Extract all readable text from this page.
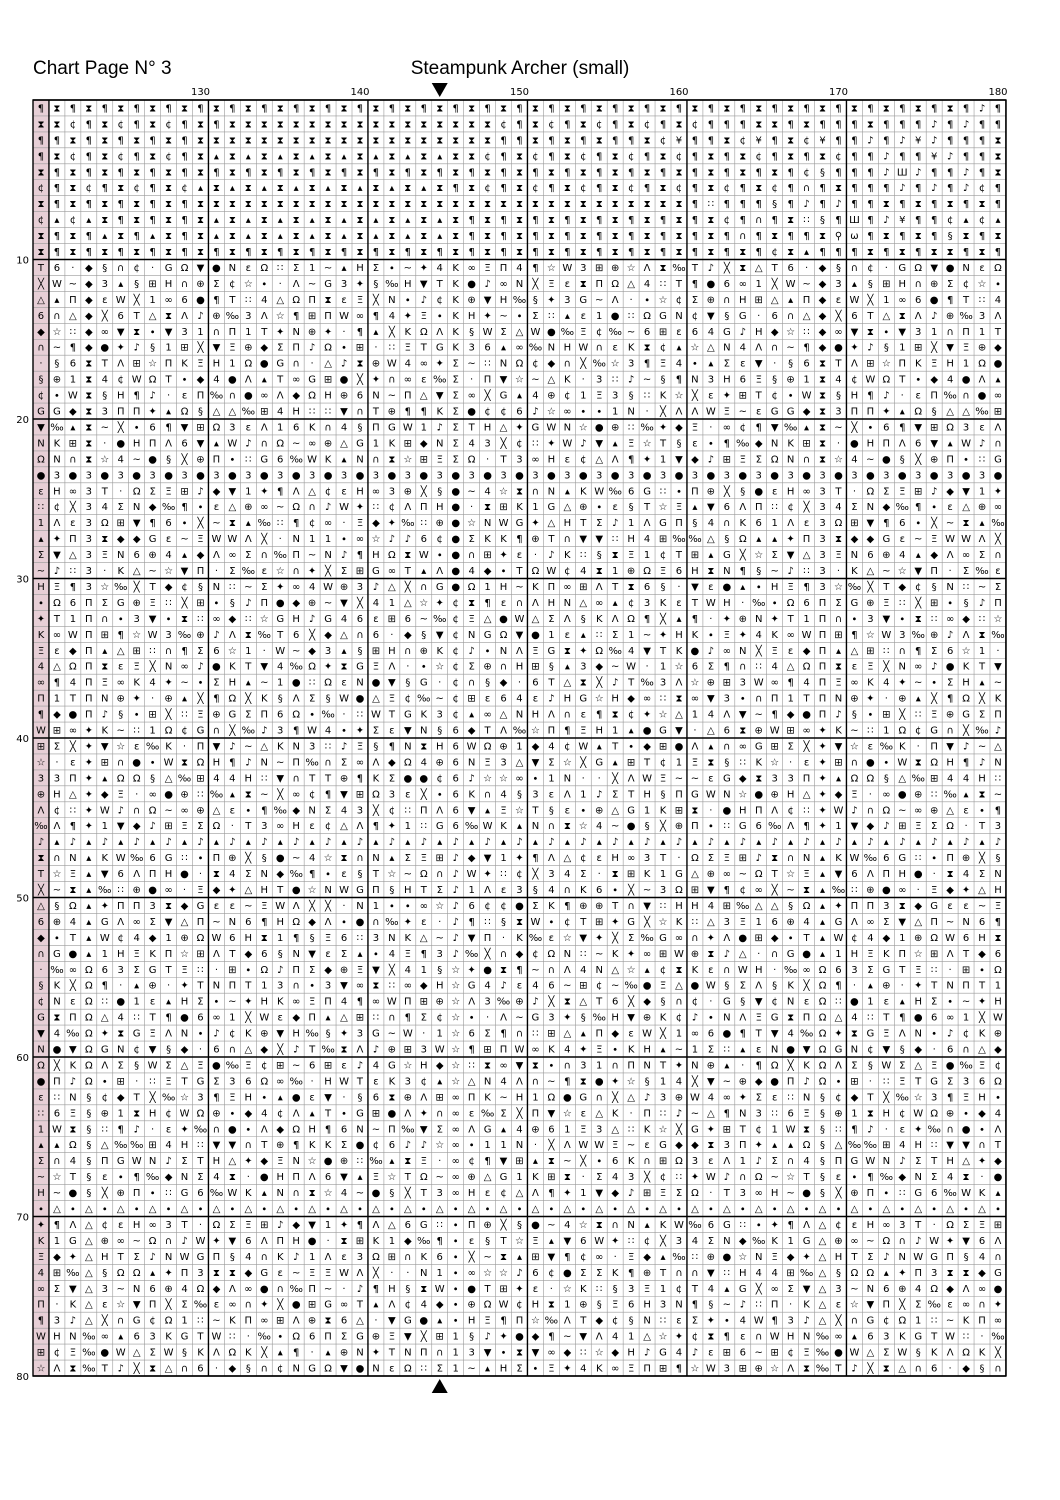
Chart Page N° 3	Steampunk Archer (small)
130	140	150	160	170	180
10
20
30
40
50
60
70
80
¶ ⧗ ¶ ⧗ ¶ ⧗ ¶ ⧗ ¶ ⧗ ¶ ⧗ ¶ ⧗ ¶ ⧗ ¶ ⧗ ¶ ⧗ ¶ ⧗ ¶ ⧗ ¶ ⧗ ¶ ⧗ ¶ ⧗ ¶ ⧗ ¶ ⧗ ¶ ⧗ ¶ ⧗ ¶ ⧗ ¶ ⧗ ¶ ⧗ ¶ ⧗ ¶ ⧗ ¶ ⧗ ¶ ⧗ ¶ ⧗ ¶ ⧗ ¶ ⧗ ¶ ♪ ¶
⧗ ⧗ ¢ ¶ ⧗ ¢ ¶ ⧗ ¢ ¶ ⧗ ¶ ⧗ ⧗ ⧗ ⧗ ⧗ ⧗ ⧗ ⧗ ⧗ ⧗ ⧗ ⧗ ⧗ ⧗ ⧗ ⧗ ⧗ ¢ ¶ ⧗ ¢ ¶ ⧗ ¢ ¶ ⧗ ¢ ¶ ⧗ ¢ ¶ ¶ ¶ ⧗ ⧗ ¶ ⧗ ¶ ¶ ¶ ⧗ ¶ ¶ ¶ ♪ ¶ ♪ ¶ ¶
¶ ¶ ⧗ ¶ ⧗ ¶ ⧗ ¶ ⧗ ¶ ⧗ ⧗ ⧗ ⧗ ⧗ ⧗ ⧗ ⧗ ⧗ ⧗ ⧗ ⧗ ⧗ ⧗ ⧗ ⧗ ⧗ ⧗ ⧗ ¶ ¶ ⧗ ¶ ⧗ ¶ ⧗ ¶ ¶ ⧗ ¢ ¥ ¶ ¶ ⧗ ¢ ¥ ¶ ⧗ ¢ ¥ ¶ ¶ ♪ ¶ ♪ ¥ ♪ ¶ ¶ ¶ ⧗
¶ ⧗ ¢ ¶ ⧗ ¢ ¶ ⧗ ¢ ¶ ⧗ ▴ ⧗ ▴ ⧗ ▴ ⧗ ▴ ⧗ ▴ ⧗ ▴ ⧗ ▴ ⧗ ▴ ⧗ ⧗ ¢ ¶ ⧗ ¢ ¶ ⧗ ¢ ¶ ⧗ ¢ ¶ ⧗ ¢ ¶ ⧗ ¶ ⧗ ¢ ¶ ⧗ ¶ ⧗ ¢ ¶ ¶ ♪ ¶ ¶ ¥ ♪ ¶ ¶ ⧗
⧗ ¶ ⧗ ¶ ⧗ ¶ ⧗ ¶ ⧗ ¶ ⧗ ¶ ⧗ ¶ ⧗ ¶ ⧗ ¶ ⧗ ¶ ⧗ ¶ ⧗ ¶ ⧗ ¶ ⧗ ¶ ⧗ ¶ ⧗ ¶ ⧗ ¶ ⧗ ¶ ⧗ ¶ ⧗ ¶ ⧗ ¶ ⧗ ¶ ⧗ ¶ ⧗ ¶ ¢ § ¶ ¶ ¶ ♪ Ш ♪ ¶ ¶ ♪ ¶ ⧗
¢ ¶ ⧗ ¢ ¶ ⧗ ¢ ¶ ⧗ ¢ ▴ ⧗ ▴ ⧗ ▴ ⧗ ▴ ⧗ ▴ ⧗ ▴ ⧗ ▴ ⧗ ▴ ⧗ ¶ ⧗ ¢ ¶ ⧗ ¢ ¶ ⧗ ¢ ¶ ⧗ ¢ ¶ ⧗ ¢ ¶ ⧗ ¢ ¶ ⧗ ¢ ¶ ∩ ¶ ⧗ ¶ ¶ ¶ ♪ ¶ ♪ ¶ ♪ ¢ ¶
⧗ ¶ ⧗ ¶ ⧗ ¶ ⧗ ¶ ⧗ ¶ ⧗ ⧗ ⧗ ⧗ ⧗ ⧗ ⧗ ⧗ ⧗ ⧗ ⧗ ⧗ ⧗ ⧗ ⧗ ⧗ ⧗ ⧗ ⧗ ⧗ ⧗ ⧗ ⧗ ⧗ ⧗ ⧗ ⧗ ⧗ ⧗ ⧗ ⧗ ¶ ∷ ¶ ¶ ¶ § ¶ ♪ ¶ ♪ ¶ ¶ ⧗ ¶ ⧗ ¶ ⧗ ¶ ⧗ ¶
¢ ▴ ¢ ▴ ⧗ ¶ ⧗ ¶ ⧗ ¶ ⧗ ▴ ⧗ ▴ ⧗ ▴ ⧗ ▴ ⧗ ▴ ⧗ ▴ ⧗ ▴ ⧗ ▴ ⧗ ¶ ⧗ ¶ ⧗ ¶ ⧗ ¶ ⧗ ¶ ⧗ ¶ ⧗ ¶ ⧗ ¶ ⧗ ¢ ¶ ∩ ¶ ⧗ ∷ § ¶ Ш ¶ ♪ ¥ ¶ ¶ ¢ ▴ ¢ ▴
⧗ ¶ ⧗ ¶ ▴ ⧗ ¶ ▴ ⧗ ¶ ⧗ ▴ ⧗ ▴ ⧗ ▴ ⧗ ▴ ⧗ ▴ ⧗ ▴ ⧗ ▴ ⧗ ▴ ⧗ ¶ ⧗ ¶ ⧗ ¶ ⧗ ¶ ⧗ ¶ ⧗ ¶ ⧗ ¶ ⧗ ¶ ⧗ ¶ ∩ ¶ ⧗ ¶ ¶ ⧗ ⚲ ω ¶ ⧗ ¶ ⧗ ¶ § ⧗ ¶ ⧗
⧗ ¶ ⧗ ¶ ⧗ ¶ ⧗ ¶ ⧗ ¶ ⧗ ¶ ⧗ ¶ ⧗ ¶ ⧗ ¶ ⧗ ¶ ⧗ ¶ ⧗ ¶ ⧗ ¶ ⧗ ¶ ⧗ ¶ ⧗ ¶ ⧗ ¶ ⧗ ¶ ⧗ ¶ ⧗ ¶ ⧗ ¶ ⧗ ¶ ⧗ ¶ ¢ ⧗ ▴ ¶ ¶ ¶ ⧗ ¶ ⧗ ¶ ⧗ ⧗ ¶ ⧗ ¶
T 6 · ◆ § ∩ ¢ · G Ω ▼ ● N ε Ω ∷ Σ 1 ~ ▴ H Σ ∙ ~ ✦ 4 K ∞ Ξ Π 4 ¶ ☆ W 3 ⊞ ⊕ ☆ Λ ⧗ ‰ T ♪ ╳ ⧗ △ T 6 · ◆ § ∩ ¢ · G Ω ▼ ● N ε Ω
╳ W ~ ◆ 3 ▴ § ⊞ H ∩ ⊕ Σ ¢ ☆ ∙ · Λ ~ G 3 ✦ § ‰ H ▼ T K ● ♪ ∞ N ╳ Ξ ε ⧗ Π Ω △ 4 ∷ T ¶ ● 6 ∞ 1 ╳ W ~ ◆ 3 ▴ § ⊞ H ∩ ⊕ Σ ¢ ☆ ∙
△ ▴ Π ◆ ε W ╳ 1 ∞ 6 ● ¶ T ∷ 4 △ Ω Π ⧗ ε Ξ ╳ N ∙ ♪ ¢ K ⊕ ▼ H ‰ § ✦ 3 G ~ Λ · ∙ ☆ ¢ Σ ⊕ ∩ H ⊞ △ ▴ Π ◆ ε W ╳ 1 ∞ 6 ● ¶ T ∷ 4
6 ∩ △ ◆ ╳ 6 T △ ⧗ Λ ♪ ⊕ ‰ 3 Λ ☆ ¶ ⊞ Π W ∞ ¶ 4 ✦ Ξ ∙ K H ✦ ~ ∙ Σ ∷ ▴ ε 1 ● ∷ Ω G N ¢ ▼ § G · 6 ∩ △ ◆ ╳ 6 T △ ⧗ Λ ♪ ⊕ ‰ 3 Λ
◆ ☆ ∷ ◆ ∞ ▼ ⧗ ∙ ▼ 3 1 ∩ Π 1 T ✦ N ⊕ ✦ · ¶ ▴ ╳ K Ω Λ K § W Σ △ W ● ‰ Ξ ¢ ‰ ~ 6 ⊞ ε 6 4 G ♪ H ◆ ☆ ∷ ◆ ∞ ▼ ⧗ ∙ ▼ 3 1 ∩ Π 1 T
∩ ~ ¶ ◆ ● ✦ ♪ § 1 ⊞ ╳ ▼ Ξ ⊕ ◆ Σ Π ♪ Ω ∙ ⊞ · ∷ Ξ T G K 3 6 ▴ ∞ ‰ N H W ∩ ε K ⧗ ¢ ▴ ☆ △ N 4 Λ ∩ ~ ¶ ◆ ● ✦ ♪ § 1 ⊞ ╳ ▼ Ξ ⊕ ◆
· § 6 ⧗ T Λ ⊞ ☆ Π K Ξ H 1 Ω ● G ∩ · △ ♪ ⧗ ⊕ W 4 ∞ ✦ Σ ~ ∷ N Ω ¢ ◆ ∩ ╳ ‰ ☆ 3 ¶ Ξ 4 ∙ ▴ Σ ε ▼ · § 6 ⧗ T Λ ⊞ ☆ Π K Ξ H 1 Ω ●
§ ⊕ 1 ⧗ 4 ¢ W Ω T ∙ ◆ 4 ● Λ ▴ T ∞ G ⊞ ● ╳ ✦ ∩ ∞ ε ‰ Σ · Π ▼ ☆ ~ △ K · 3 ∷ ♪ ~ § ¶ N 3 H 6 Ξ § ⊕ 1 ⧗ 4 ¢ W Ω T ∙ ◆ 4 ● Λ ▴
¢ ∙ W ⧗ § H ¶ ♪ · ε Π ‰ ∩ ● ∞ Λ ◆ Ω H ⊕ 6 N ~ Π △ ▼ Σ ∞ ╳ G ▴ 4 ⊕ ¢ 1 Ξ 3 § ∷ K ☆ ╳ ε ✦ ⊞ T ¢ ∙ W ⧗ § H ¶ ♪ · ε Π ‰ ∩ ● ∞
G G ◆ ⧗ 3 Π Π ✦ ▴ Ω § △ △ ‰ ⊞ 4 H ∷ ∷ ▼ ∩ T ⊕ ¶ ¶ K Σ ● ¢ ¢ 6 ♪ ☆ ∞ ∙ ∙ 1 N · ╳ Λ Λ W Ξ ~ ε G G ◆ ⧗ 3 Π Π ✦ ▴ Ω § △ △ ‰ ⊞
▼ ‰ ▴ ⧗ ~ ╳ ∙ 6 ¶ ▼ ⊞ Ω 3 ε Λ 1 6 K ∩ 4 § Π G W 1 ♪ Σ T H △ ✦ G W N ☆ ● ⊕ ∷ ‰ ✦ ◆ Ξ · ∞ ¢ ¶ ▼ ‰ ▴ ⧗ ~ ╳ ∙ 6 ¶ ▼ ⊞ Ω 3 ε Λ
N K ⊞ ⧗ · ● H Π Λ 6 ▼ ▴ W ♪ ∩ Ω ~ ∞ ⊕ △ G 1 K ⊞ ◆ N Σ 4 3 ╳ ¢ ∷ ✦ W ♪ ▼ ▴ Ξ ☆ T § ε ∙ ¶ ‰ ◆ N K ⊞ ⧗ · ● H Π Λ 6 ▼ ▴ W ♪ ∩
Ω N ∩ ⧗ ☆ 4 ~ ● § ╳ ⊕ Π ∙ ∷ G 6 ‰ W K ▴ N ∩ ⧗ ☆ ⊞ Ξ Σ Ω · T 3 ∞ H ε ¢ △ Λ ¶ ✦ 1 ▼ ◆ ♪ ⊞ Ξ Σ Ω N ∩ ⧗ ☆ 4 ~ ● § ╳ ⊕ Π ∙ ∷ G
● 3 ● 3 ● 3 ● 3 ● 3 ● 3 ● 3 ● 3 ● 3 ● 3 ● 3 ● 3 ● 3 ● 3 ● 3 ● 3 ● 3 ● 3 ● 3 ● 3 ● 3 ● 3 ● 3 ● 3 ● 3 ● 3 ● 3 ● 3 ● 3 ● 3 ●
ε H ∞ 3 T · Ω Σ Ξ ⊞ ♪ ◆ ▼ 1 ✦ ¶ Λ △ ¢ ε H ∞ 3 ⊕ ╳ § ● ~ 4 ☆ ⧗ ∩ N ▴ K W ‰ 6 G ∷ ∙ Π ⊕ ╳ § ● ε H ∞ 3 T · Ω Σ Ξ ⊞ ♪ ◆ ▼ 1 ✦
∷ ¢ ╳ 3 4 Σ N ◆ ‰ ¶ ∙ ε △ ⊕ ∞ ~ Ω ∩ ♪ W ✦ ∷ ¢ Λ Π H ● · ⧗ ⊞ K 1 G △ ⊕ ∙ ε § T ☆ Ξ ▴ ▼ 6 Λ Π ∷ ¢ ╳ 3 4 Σ N ◆ ‰ ¶ ∙ ε △ ⊕ ∞
1 Λ ε 3 Ω ⊞ ▼ ¶ 6 ∙ ╳ ~ ⧗ ▴ ‰ ∷ ¶ ¢ ∞ · Ξ ◆ ✦ ‰ ∷ ⊕ ● ☆ N W G ✦ △ H T Σ ♪ 1 Λ G Π § 4 ∩ K 6 1 Λ ε 3 Ω ⊞ ▼ ¶ 6 ∙ ╳ ~ ⧗ ▴ ‰
▴ ✦ Π 3 ⧗ ◆ ◆ G ε ~ Ξ W W Λ ╳ · N 1 1 ∙ ∞ ☆ ♪ ♪ 6 ¢ ● Σ K K ¶ ⊕ T ∩ ▼ ▼ ∷ H 4 ⊞ ‰ ‰ △ § Ω ▴ ▴ ✦ Π 3 ⧗ ◆ ◆ G ε ~ Ξ W W Λ ╳
Σ ▼ △ 3 Ξ N 6 ⊕ 4 ▴ ◆ Λ ∞ Σ ∩ ‰ Π ~ N ♪ ¶ H Ω ⧗ W ∙ ● ∩ ⊞ ✦ ε · ♪ K ∷ § ⧗ Ξ 1 ¢ T ⊞ ▴ G ╳ ☆ Σ ▼ △ 3 Ξ N 6 ⊕ 4 ▴ ◆ Λ ∞ Σ ∩
~ ♪ ∷ 3 · K △ ~ ☆ ▼ Π · Σ ‰ ε ☆ ∩ ✦ ╳ Σ ⊞ G ∞ T ▴ Λ ● 4 ◆ ∙ T Ω W ¢ 4 ⧗ 1 ⊕ Ω Ξ 6 H ⧗ N ¶ § ~ ♪ ∷ 3 · K △ ~ ☆ ▼ Π · Σ ‰ ε
H Ξ ¶ 3 ☆ ‰ ╳ T ◆ ¢ § N ∷ ~ Σ ✦ ∞ 4 W ⊕ 3 ♪ △ ╳ ∩ G ● Ω 1 H ~ K Π ∞ ⊞ Λ T ⧗ 6 § · ▼ ε ● ▴ ∙ H Ξ ¶ 3 ☆ ‰ ╳ T ◆ ¢ § N ∷ ~ Σ
∙ Ω 6 Π Σ G ⊕ Ξ ∷ ╳ ⊞ ∙ § ♪ Π ● ◆ ⊕ ~ ▼ ╳ 4 1 △ ☆ ✦ ¢ ⧗ ¶ ε ∩ Λ H N △ ∞ ▴ ¢ 3 K ε T W H · ‰ ∙ Ω 6 Π Σ G ⊕ Ξ ∷ ╳ ⊞ ∙ § ♪ Π
✦ T 1 Π ∩ ∙ 3 ▼ ∙ ⧗ ∷ ∞ ◆ ∷ ☆ G H ♪ G 4 6 ε ⊞ 6 ~ ‰ ¢ Ξ △ ● W △ Σ Λ § K Λ Ω ¶ ╳ ▴ ¶ · ✦ ⊕ N ✦ T 1 Π ∩ ∙ 3 ▼ ∙ ⧗ ∷ ∞ ◆ ∷ ☆
K ∞ W Π ⊞ ¶ ☆ W 3 ‰ ⊕ ♪ Λ ⧗ ‰ T 6 ╳ ◆ △ ∩ 6 · ◆ § ▼ ¢ N G Ω ▼ ● 1 ε ▴ ∷ Σ 1 ~ ✦ H K ∙ Ξ ✦ 4 K ∞ W Π ⊞ ¶ ☆ W 3 ‰ ⊕ ♪ Λ ⧗ ‰
Ξ ε ◆ Π ▴ △ ⊞ ∷ ∩ ¶ Σ 6 ☆ 1 · W ~ ◆ 3 ▴ § ⊞ H ∩ ⊕ K ¢ ♪ ∙ N Λ Ξ G ⧗ ✦ Ω ‰ 4 ▼ T K ● ♪ ∞ N ╳ Ξ ε ◆ Π ▴ △ ⊞ ∷ ∩ ¶ Σ 6 ☆ 1 ·
4 △ Ω Π ⧗ ε Ξ ╳ N ∞ ♪ ● K T ▼ 4 ‰ Ω ✦ ⧗ G Ξ Λ · ∙ ☆ ¢ Σ ⊕ ∩ H ⊞ § ▴ 3 ◆ ~ W · 1 ☆ 6 Σ ¶ ∩ ∷ 4 △ Ω Π ⧗ ε Ξ ╳ N ∞ ♪ ● K T ▼
∞ ¶ 4 Π Ξ ∞ K 4 ✦ ~ ∙ Σ H ▴ ~ 1 ● ∷ Ω ε N ● ▼ § G · ¢ ∩ § ◆ · 6 T △ ⧗ ╳ ♪ T ‰ 3 Λ ☆ ⊕ ⊞ 3 W ∞ ¶ 4 Π Ξ ∞ K 4 ✦ ~ ∙ Σ H ▴ ~
Π 1 T Π N ⊕ ✦ · ⊕ ▴ ╳ ¶ Ω ╳ K § Λ Σ § W ● △ Ξ ¢ ‰ ~ ¢ ⊞ ε 6 4 ε ♪ H G ☆ H ◆ ∞ ∷ ⧗ ∞ ▼ 3 ∙ ∩ Π 1 T Π N ⊕ ✦ · ⊕ ▴ ╳ ¶ Ω ╳ K
¶ ◆ ● Π ♪ § ∙ ⊞ ╳ ∷ Ξ ⊕ G Σ Π 6 Ω ∙ ‰ · ∷ W T G K 3 ¢ ▴ ∞ △ N H Λ ∩ ε ¶ ⧗ ¢ ✦ ☆ △ 1 4 Λ ▼ ~ ¶ ◆ ● Π ♪ § ∙ ⊞ ╳ ∷ Ξ ⊕ G Σ Π
W ⊞ ∞ ✦ K ~ ∷ 1 Ω ¢ G ∩ ╳ ‰ ♪ 3 ¶ W 4 ∙ ✦ Σ ε ▼ N § 6 ◆ T Λ ‰ ☆ Π ¶ Ξ H 1 ▴ ● G ▼ · △ 6 ⧗ ⊕ W ⊞ ∞ ✦ K ~ ∷ 1 Ω ¢ G ∩ ╳ ‰ ♪
⊞ Σ ╳ ✦ ▼ ☆ ε ‰ K · Π ▼ ♪ ~ △ K N 3 ∷ ♪ Ξ § ¶ N ⧗ H 6 W Ω ⊕ 1 ◆ 4 ¢ W ▴ T ∙ ◆ ⊞ ● Λ ▴ ∩ ∞ G ⊞ Σ ╳ ✦ ▼ ☆ ε ‰ K · Π ▼ ♪ ~ △
☆ · ε ✦ ⊞ ∩ ● ∙ W ⧗ Ω H ¶ ♪ N ~ Π ‰ ∩ Σ ∞ Λ ◆ Ω 4 ⊕ 6 N Ξ 3 △ ▼ Σ ☆ ╳ G ▴ ⊞ T ¢ 1 Ξ ⧗ § ∷ K ☆ · ε ✦ ⊞ ∩ ● ∙ W ⧗ Ω H ¶ ♪ N
3 3 Π ✦ ▴ Ω Ω § △ ‰ ⊞ 4 4 H ∷ ▼ ∩ T T ⊕ ¶ K Σ ● ● ¢ 6 ♪ ☆ ☆ ∞ ∙ 1 N · · ╳ Λ W Ξ ~ ~ ε G ◆ ⧗ 3 3 Π ✦ ▴ Ω Ω § △ ‰ ⊞ 4 4 H ∷
⊕ H △ ✦ ◆ Ξ · ∞ ● ⊕ ∷ ‰ ▴ ⧗ ~ ╳ ∞ ¢ ¶ ▼ ⊞ Ω 3 ε ╳ ∙ 6 K ∩ 4 § 3 ε Λ 1 ♪ Σ T H § Π G W N ☆ ● ⊕ H △ ✦ ◆ Ξ · ∞ ● ⊕ ∷ ‰ ▴ ⧗ ~
Λ ¢ ∷ ✦ W ♪ ∩ Ω ~ ∞ ⊕ △ ε ∙ ¶ ‰ ◆ N Σ 4 3 ╳ ¢ ∷ Π Λ 6 ▼ ▴ Ξ ☆ T § ε ∙ ⊕ △ G 1 K ⊞ ⧗ · ● H Π Λ ¢ ∷ ✦ W ♪ ∩ Ω ~ ∞ ⊕ △ ε ∙ ¶
‰ Λ ¶ ✦ 1 ▼ ◆ ♪ ⊞ Ξ Σ Ω · T 3 ∞ H ε ¢ △ Λ ¶ ✦ 1 ∷ G 6 ‰ W K ▴ N ∩ ⧗ ☆ 4 ~ ● § ╳ ⊕ Π ∙ ∷ G 6 ‰ Λ ¶ ✦ 1 ▼ ◆ ♪ ⊞ Ξ Σ Ω · T 3
♪ ▴ ♪ ▴ ♪ ▴ ♪ ▴ ♪ ▴ ♪ ▴ ♪ ▴ ♪ ▴ ♪ ▴ ♪ ▴ ♪ ▴ ♪ ▴ ♪ ▴ ♪ ▴ ♪ ▴ ♪ ▴ ♪ ▴ ♪ ▴ ♪ ▴ ♪ ▴ ♪ ▴ ♪ ▴ ♪ ▴ ♪ ▴ ♪ ▴ ♪ ▴ ♪ ▴ ♪ ▴ ♪ ▴ ♪ ▴ ♪
⧗ ∩ N ▴ K W ‰ 6 G ∷ ∙ Π ⊕ ╳ § ● ~ 4 ☆ ⧗ ∩ N ▴ Σ Ξ ⊞ ♪ ◆ ▼ 1 ✦ ¶ Λ △ ¢ ε H ∞ 3 T · Ω Σ Ξ ⊞ ♪ ⧗ ∩ N ▴ K W ‰ 6 G ∷ ∙ Π ⊕ ╳ §
T ☆ Ξ ▴ ▼ 6 Λ Π H ● · ⧗ 4 Σ N ◆ ‰ ¶ ∙ ε § T ☆ ~ Ω ∩ ♪ W ✦ ∷ ¢ ╳ 3 4 Σ · ⧗ ⊞ K 1 G △ ⊕ ∞ ~ Ω T ☆ Ξ ▴ ▼ 6 Λ Π H ● · ⧗ 4 Σ N
╳ ~ ⧗ ▴ ‰ ∷ ⊕ ● ∞ · Ξ ◆ ✦ △ H T ● ☆ N W G Π § H T Σ ♪ 1 Λ ε 3 § 4 ∩ K 6 ∙ ╳ ~ 3 Ω ⊞ ▼ ¶ ¢ ∞ ╳ ~ ⧗ ▴ ‰ ∷ ⊕ ● ∞ · Ξ ◆ ✦ △ H
△ § Ω ▴ ✦ Π Π 3 ⧗ ◆ G ε ε ~ Ξ W Λ ╳ ╳ · N 1 ∙ ∙ ∞ ☆ ♪ 6 ¢ ¢ ● Σ K ¶ ⊕ ⊕ T ∩ ▼ ∷ H H 4 ⊞ ‰ △ △ § Ω ▴ ✦ Π Π 3 ⧗ ◆ G ε ε ~ Ξ
6 ⊕ 4 ▴ G Λ ∞ Σ ▼ △ Π ~ N 6 ¶ H Ω ◆ Λ ∙ ● ∩ ‰ ✦ ε · ♪ ¶ ∷ § ⧗ W ∙ ¢ T ⊞ ✦ G ╳ ☆ K ∷ △ 3 Ξ 1 6 ⊕ 4 ▴ G Λ ∞ Σ ▼ △ Π ~ N 6 ¶
◆ ∙ T ▴ W ¢ 4 ◆ 1 ⊕ Ω W 6 H ⧗ 1 ¶ § Ξ 6 ∷ 3 N K △ ~ ♪ ▼ Π · K ‰ ε ☆ ▼ ✦ ╳ Σ ‰ G ∞ ∩ ✦ Λ ● ⊞ ◆ ∙ T ▴ W ¢ 4 ◆ 1 ⊕ Ω W 6 H ⧗
∩ G ● ▴ 1 H Ξ K Π ☆ ⊞ Λ T ◆ 6 § N ▼ ε Σ ▴ ∙ 4 Ξ ¶ 3 ♪ ‰ ╳ ∩ ◆ ¢ Ω N ∷ ~ K ✦ ∞ ⊞ W ⊕ ⧗ ♪ △ · ∩ G ● ▴ 1 H Ξ K Π ☆ ⊞ Λ T ◆ 6
· ‰ ∞ Ω 6 3 Σ G T Ξ ∷ · ⊞ ∙ Ω ♪ Π Σ ◆ ⊕ Ξ ▼ ╳ 4 1 § ☆ ✦ ● ⧗ ¶ ~ ∩ Λ 4 N △ ☆ ▴ ¢ ⧗ K ε ∩ W H · ‰ ∞ Ω 6 3 Σ G T Ξ ∷ · ⊞ ∙ Ω
§ K ╳ Ω ¶ · ▴ ⊕ · ✦ T N Π T 1 3 ∩ ∙ 3 ▼ ∞ ⧗ ∷ ∞ ◆ H ☆ G 4 ♪ ε 4 6 ~ ⊞ ¢ ~ ‰ ● Ξ △ ● W § Σ Λ § K ╳ Ω ¶ · ▴ ⊕ · ✦ T N Π T 1
¢ N ε Ω ∷ ● 1 ε ▴ H Σ ∙ ~ ✦ H K ∞ Ξ Π 4 ¶ ∞ W Π ⊞ ⊕ ☆ Λ 3 ‰ ⊕ ♪ ╳ ⧗ △ T 6 ╳ ◆ § ∩ ¢ · G § ▼ ¢ N ε Ω ∷ ● 1 ε ▴ H Σ ∙ ~ ✦ H
G ⧗ Π Ω △ 4 ∷ T ¶ ● 6 ∞ 1 ╳ W ε ◆ Π ▴ △ ⊞ ∷ ∩ ¶ Σ ¢ ☆ ∙ · Λ ~ G 3 ✦ § ‰ H ▼ ⊕ K ¢ ♪ ∙ N Λ Ξ G ⧗ Π Ω △ 4 ∷ T ¶ ● 6 ∞ 1 ╳ W
▼ 4 ‰ Ω ✦ ⧗ G Ξ Λ N ∙ ♪ ¢ K ⊕ ▼ H ‰ § ✦ 3 G ~ W · 1 ☆ 6 Σ ¶ ∩ ∷ ⊞ △ ▴ Π ◆ ε W ╳ 1 ∞ 6 ● ¶ T ▼ 4 ‰ Ω ✦ ⧗ G Ξ Λ N ∙ ♪ ¢ K ⊕
N ● ▼ Ω G N ¢ ▼ § ◆ · 6 ∩ △ ◆ ╳ ♪ T ‰ ⧗ Λ ♪ ⊕ ⊞ 3 W ☆ ¶ ⊞ Π W ∞ K 4 ✦ Ξ ∙ K H ▴ ~ 1 Σ ∷ ▴ ε N ● ▼ Ω G N ¢ ▼ § ◆ · 6 ∩ △ ◆
Ω ╳ K Ω Λ Σ § W Σ △ Ξ ● ‰ Ξ ¢ ⊞ ~ 6 ⊞ ε ♪ 4 G ☆ H ◆ ☆ ∷ ⧗ ∞ ▼ ⧗ ∙ ∩ 3 1 ∩ Π N T ✦ N ⊕ ▴ · ¶ Ω ╳ K Ω Λ Σ § W Σ △ Ξ ● ‰ Ξ ¢
● Π ♪ Ω ∙ ⊞ · ∷ Ξ T G Σ 3 6 Ω ∞ ‰ · H W T ε K 3 ¢ ▴ ☆ △ N 4 Λ ∩ ~ ¶ ⧗ ● ✦ ☆ § 1 4 ╳ ▼ ~ ⊕ ◆ ● Π ♪ Ω ∙ ⊞ · ∷ Ξ T G Σ 3 6 Ω
ε ∷ N § ¢ ◆ T ╳ ‰ ☆ 3 ¶ Ξ H ∙ ▴ ● ε ▼ · § 6 ⧗ ⊕ Λ ⊞ ∞ Π K ~ H 1 Ω ● G ∩ ╳ △ ♪ 3 ⊕ W 4 ∞ ✦ Σ ε ∷ N § ¢ ◆ T ╳ ‰ ☆ 3 ¶ Ξ H ∙
∷ 6 Ξ § ⊕ 1 ⧗ H ¢ W Ω ⊕ ∙ ◆ 4 ¢ Λ ▴ T ∙ G ⊞ ● Λ ✦ ∩ ∞ ε ‰ Σ ╳ Π ▼ ☆ ε △ K · Π ∷ ♪ ~ △ ¶ N 3 ∷ 6 Ξ § ⊕ 1 ⧗ H ¢ W Ω ⊕ ∙ ◆ 4
1 W ⧗ § ∷ ¶ ♪ · ε ✦ ‰ ∩ ● ∙ Λ ◆ Ω H ¶ 6 N ~ Π ‰ ▼ Σ ∞ Λ G ▴ 4 ⊕ 6 1 Ξ 3 △ ∷ K ☆ ╳ G ✦ ⊞ T ¢ 1 W ⧗ § ∷ ¶ ♪ · ε ✦ ‰ ∩ ● ∙ Λ
▴ ▴ Ω § △ ‰ ‰ ⊞ 4 H ∷ ▼ ▼ ∩ T ⊕ ¶ K K Σ ● ¢ 6 ♪ ♪ ☆ ∞ ∙ 1 1 N · ╳ Λ W W Ξ ~ ε G ◆ ◆ ⧗ 3 Π ✦ ▴ ▴ Ω § △ ‰ ‰ ⊞ 4 H ∷ ▼ ▼ ∩ T
Σ ∩ 4 § Π G W N ♪ Σ T H △ ✦ ◆ Ξ N ☆ ● ⊕ ∷ ‰ ▴ ⧗ Ξ · ∞ ¢ ¶ ▼ ⊞ ▴ ⧗ ~ ╳ ∙ 6 K ∩ ⊞ Ω 3 ε Λ 1 ♪ Σ ∩ 4 § Π G W N ♪ Σ T H △ ✦ ◆
~ ☆ T § ε ∙ ¶ ‰ ◆ N Σ 4 ⧗ · ● H Π Λ 6 ▼ ▴ Ξ ☆ T Ω ~ ∞ ⊕ △ G 1 K ⊞ ⧗ · Σ 4 3 ╳ ¢ ∷ ✦ W ♪ ∩ Ω ~ ☆ T § ε ∙ ¶ ‰ ◆ N Σ 4 ⧗ · ●
H ~ ● § ╳ ⊕ Π ∙ ∷ G 6 ‰ W K ▴ N ∩ ⧗ ☆ 4 ~ ● § ╳ T 3 ∞ H ε ¢ △ Λ ¶ ✦ 1 ▼ ◆ ♪ ⊞ Ξ Σ Ω · T 3 ∞ H ~ ● § ╳ ⊕ Π ∙ ∷ G 6 ‰ W K ▴
∙ △ ∙ △ ∙ △ ∙ △ ∙ △ ∙ △ ∙ △ ∙ △ ∙ △ ∙ △ ∙ △ ∙ △ ∙ △ ∙ △ ∙ △ ∙ △ ∙ △ ∙ △ ∙ △ ∙ △ ∙ △ ∙ △ ∙ △ ∙ △ ∙ △ ∙ △ ∙ △ ∙ △ ∙ △ ∙ △ ∙
✦ ¶ Λ △ ¢ ε H ∞ 3 T · Ω Σ Ξ ⊞ ♪ ◆ ▼ 1 ✦ ¶ Λ △ 6 G ∷ ∙ Π ⊕ ╳ § ● ~ 4 ☆ ⧗ ∩ N ▴ K W ‰ 6 G ∷ ∙ ✦ ¶ Λ △ ¢ ε H ∞ 3 T · Ω Σ Ξ ⊞
K 1 G △ ⊕ ∞ ~ Ω ∩ ♪ W ✦ ▼ 6 Λ Π H ● · ⧗ ⊞ K 1 ◆ ‰ ¶ ∙ ε § T ☆ Ξ ▴ ▼ 6 W ✦ ∷ ¢ ╳ 3 4 Σ N ◆ ‰ K 1 G △ ⊕ ∞ ~ Ω ∩ ♪ W ✦ ▼ 6 Λ
Ξ ◆ ✦ △ H T Σ ♪ N W G Π § 4 ∩ K ♪ 1 Λ ε 3 Ω ⊞ ∩ K 6 ∙ ╳ ~ ⧗ ▴ ⊞ ▼ ¶ ¢ ∞ · Ξ ◆ ▴ ‰ ∷ ⊕ ● ☆ N Ξ ◆ ✦ △ H T Σ ♪ N W G Π § 4 ∩
4 ⊞ ‰ △ § Ω Ω ▴ ✦ Π 3 ⧗ ⧗ ◆ G ε ~ Ξ Ξ W Λ ╳ · · N 1 ∙ ∞ ☆ ☆ ♪ 6 ¢ ● Σ Σ K ¶ ⊕ T ∩ ∩ ▼ ∷ H 4 4 ⊞ ‰ △ § Ω Ω ▴ ✦ Π 3 ⧗ ⧗ ◆ G
∞ Σ ▼ △ 3 ~ N 6 ⊕ 4 Ω ◆ Λ ∞ ● ∩ ‰ Π ~ · ♪ ¶ H § ⧗ W ∙ ● T ⊞ ✦ ε · ☆ K ∷ § 3 Ξ 1 ¢ T 4 ▴ G ╳ ∞ Σ ▼ △ 3 ~ N 6 ⊕ 4 Ω ◆ Λ ∞ ●
Π · K △ ε ☆ ▼ Π ╳ Σ ‰ ε ∞ ∩ ✦ ╳ ● ⊞ G ∞ T ▴ Λ ¢ 4 ◆ ∙ ⊕ Ω W ¢ H ⧗ 1 ⊕ § Ξ 6 H 3 N ¶ § ~ ♪ ∷ Π · K △ ε ☆ ▼ Π ╳ Σ ‰ ε ∞ ∩ ✦
¶ 3 ♪ △ ╳ ∩ G ¢ Ω 1 ∷ ~ K Π ∞ ⊞ Λ ⊕ ⧗ 6 △ · ▼ G ● ▴ ∙ H Ξ ¶ Π ☆ ‰ Λ T ◆ ¢ § N ∷ ε Σ ✦ ∙ 4 W ¶ 3 ♪ △ ╳ ∩ G ¢ Ω 1 ∷ ~ K Π ∞
W H N ‰ ∞ ▴ 6 3 K G T W ∷ · ‰ ∙ Ω 6 Π Σ G ⊕ Ξ ▼ ╳ ⊞ 1 § ♪ ✦ ● ◆ ¶ ~ ▼ Λ 4 1 △ ☆ ✦ ¢ ⧗ ¶ ε ∩ W H N ‰ ∞ ▴ 6 3 K G T W ∷ · ‰
⊞ ¢ Ξ ‰ ● W △ Σ W § K Λ Ω K ╳ ▴ ¶ · ▴ ⊕ N ✦ T N Π ∩ 1 3 ▼ ∙ ⧗ ▼ ∞ ◆ ∷ ☆ ◆ H ♪ G 4 ♪ ε ⊞ 6 ~ ⊞ ¢ Ξ ‰ ● W △ Σ W § K Λ Ω K ╳
☆ Λ ⧗ ‰ T ♪ ╳ ⧗ △ ∩ 6 · ◆ § ∩ ¢ N G Ω ▼ ● N ε Ω ∷ Σ 1 ~ ▴ H Σ ∙ Ξ ✦ 4 K ∞ Ξ Π ⊞ ¶ ☆ W 3 ⊞ ⊕ ☆ Λ ⧗ ‰ T ♪ ╳ ⧗ △ ∩ 6 · ◆ § ∩
